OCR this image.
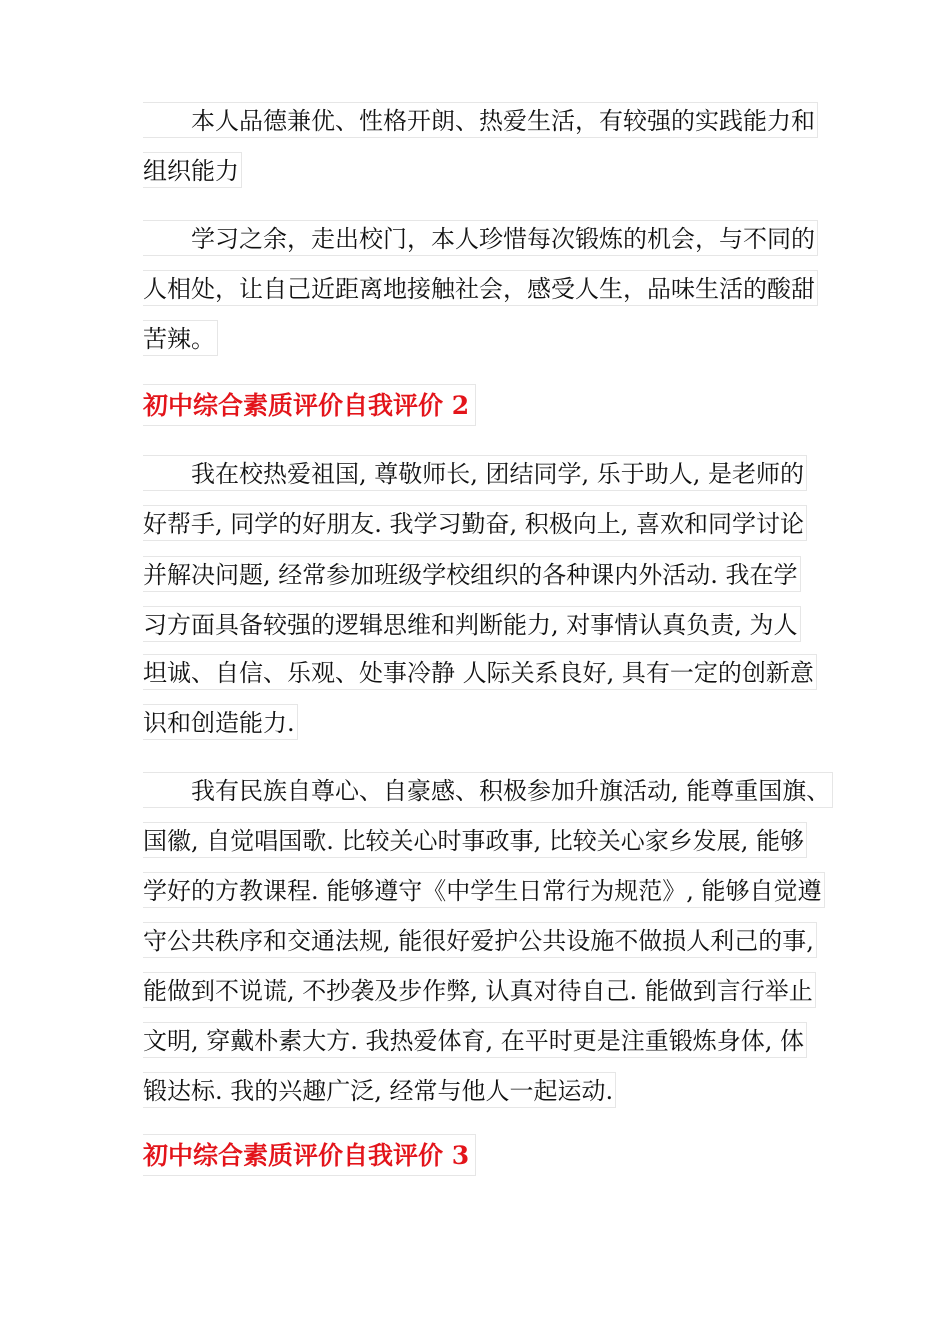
本人品德兼优、性格开朗、热爱生活，有较强的实践能力和
组织能力
学习之余，走出校门，本人珍惜每次锻炼的机会，与不同的
人相处，让自己近距离地接触社会，感受人生，品味生活的酸甜
苦辣。
初中综合素质评价自我评价 2
我在校热爱祖国, 尊敬师长, 团结同学, 乐于助人, 是老师的
好帮手, 同学的好朋友. 我学习勤奋, 积极向上, 喜欢和同学讨论
并解决问题, 经常参加班级学校组织的各种课内外活动. 我在学
习方面具备较强的逻辑思维和判断能力, 对事情认真负责, 为人
坦诚、自信、乐观、处事冷静 人际关系良好, 具有一定的创新意
识和创造能力.
我有民族自尊心、自豪感、积极参加升旗活动, 能尊重国旗、
国徽, 自觉唱国歌. 比较关心时事政事, 比较关心家乡发展, 能够
学好的方教课程. 能够遵守《中学生日常行为规范》, 能够自觉遵
守公共秩序和交通法规, 能很好爱护公共设施不做损人利己的事,
能做到不说谎, 不抄袭及步作弊, 认真对待自己. 能做到言行举止
文明, 穿戴朴素大方. 我热爱体育, 在平时更是注重锻炼身体, 体
锻达标. 我的兴趣广泛, 经常与他人一起运动.
初中综合素质评价自我评价 3
